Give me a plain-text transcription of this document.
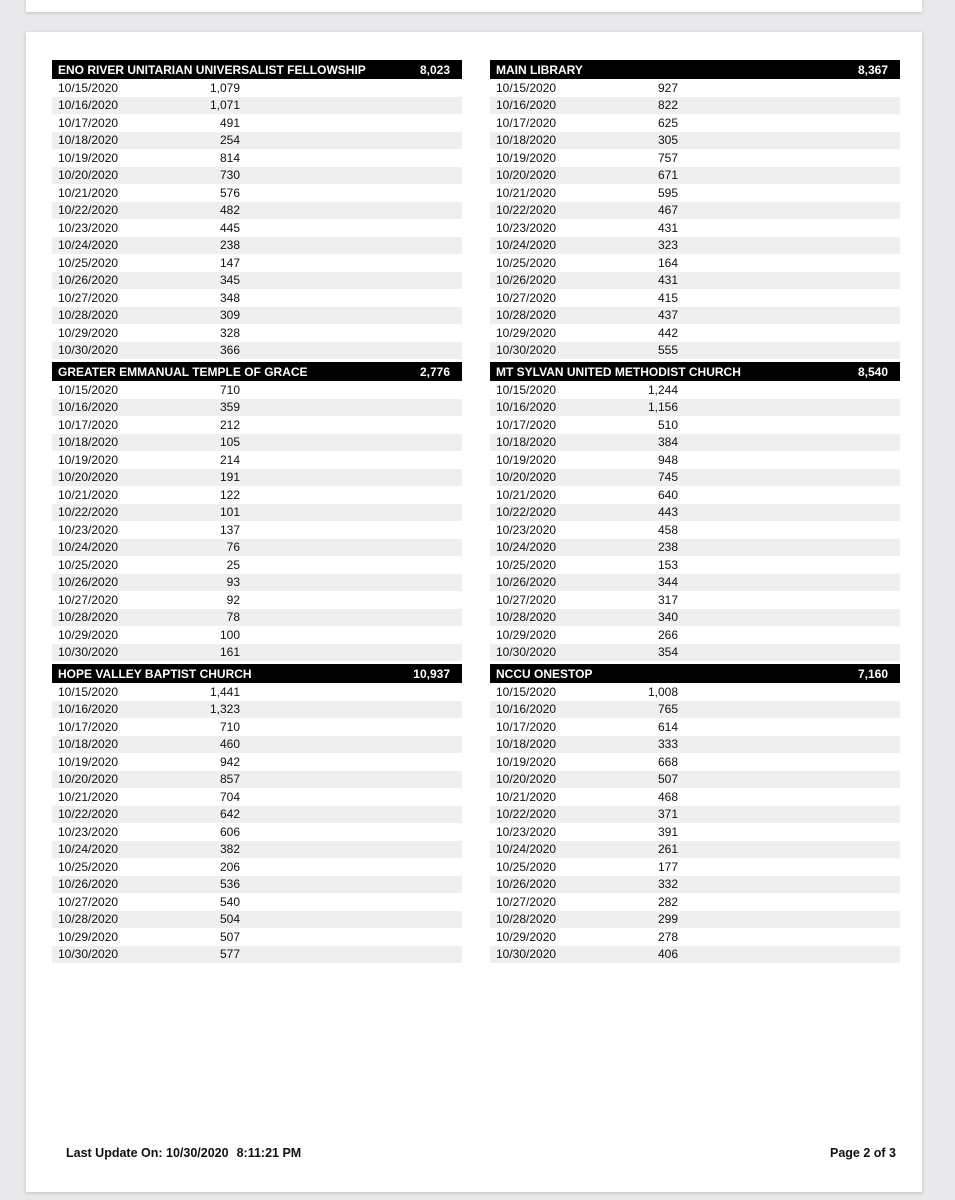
ENO RIVER UNITARIAN UNIVERSALIST FELLOWSHIP	8,023
10/15/2020	1,079
10/16/2020	1,071
10/17/2020	491
10/18/2020	254
10/19/2020	814
10/20/2020	730
10/21/2020	576
10/22/2020	482
10/23/2020	445
10/24/2020	238
10/25/2020	147
10/26/2020	345
10/27/2020	348
10/28/2020	309
10/29/2020	328
10/30/2020	366
MAIN LIBRARY	8,367
10/15/2020	927
10/16/2020	822
10/17/2020	625
10/18/2020	305
10/19/2020	757
10/20/2020	671
10/21/2020	595
10/22/2020	467
10/23/2020	431
10/24/2020	323
10/25/2020	164
10/26/2020	431
10/27/2020	415
10/28/2020	437
10/29/2020	442
10/30/2020	555
GREATER EMMANUAL TEMPLE OF GRACE	2,776
10/15/2020	710
10/16/2020	359
10/17/2020	212
10/18/2020	105
10/19/2020	214
10/20/2020	191
10/21/2020	122
10/22/2020	101
10/23/2020	137
10/24/2020	76
10/25/2020	25
10/26/2020	93
10/27/2020	92
10/28/2020	78
10/29/2020	100
10/30/2020	161
MT SYLVAN UNITED METHODIST CHURCH	8,540
10/15/2020	1,244
10/16/2020	1,156
10/17/2020	510
10/18/2020	384
10/19/2020	948
10/20/2020	745
10/21/2020	640
10/22/2020	443
10/23/2020	458
10/24/2020	238
10/25/2020	153
10/26/2020	344
10/27/2020	317
10/28/2020	340
10/29/2020	266
10/30/2020	354
HOPE VALLEY BAPTIST CHURCH	10,937
10/15/2020	1,441
10/16/2020	1,323
10/17/2020	710
10/18/2020	460
10/19/2020	942
10/20/2020	857
10/21/2020	704
10/22/2020	642
10/23/2020	606
10/24/2020	382
10/25/2020	206
10/26/2020	536
10/27/2020	540
10/28/2020	504
10/29/2020	507
10/30/2020	577
NCCU ONESTOP	7,160
10/15/2020	1,008
10/16/2020	765
10/17/2020	614
10/18/2020	333
10/19/2020	668
10/20/2020	507
10/21/2020	468
10/22/2020	371
10/23/2020	391
10/24/2020	261
10/25/2020	177
10/26/2020	332
10/27/2020	282
10/28/2020	299
10/29/2020	278
10/30/2020	406
Last Update On: 10/30/2020 8:11:21 PM	Page 2 of 3
